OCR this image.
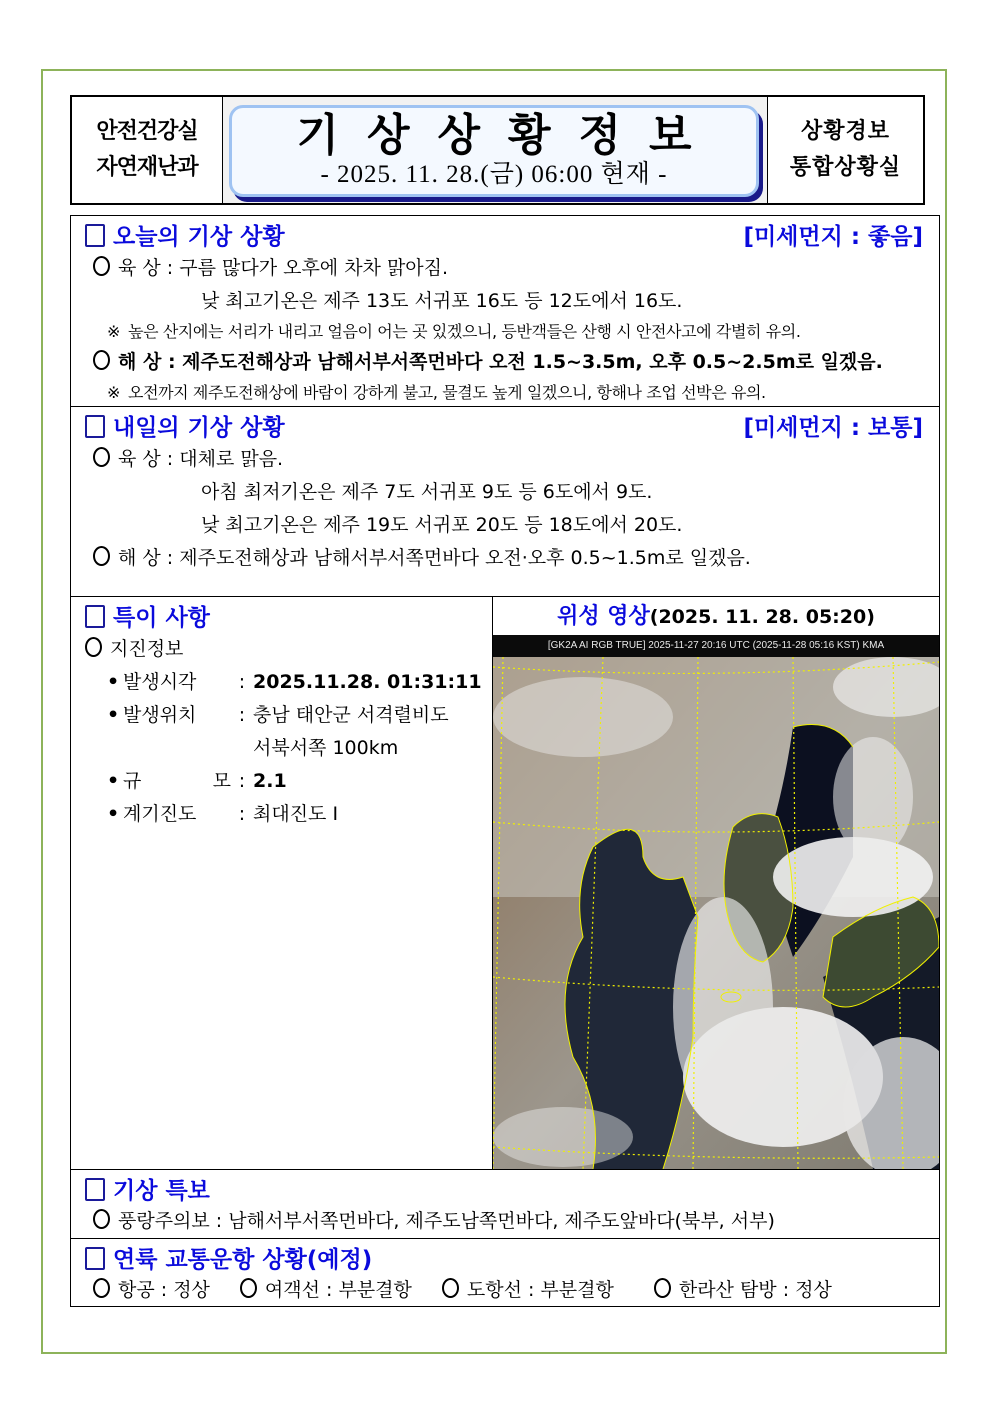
안전건강실
자연재난과
기상상황정보
- 2025. 11. 28.(금) 06:00 현재 -
상황경보
통합상황실
오늘의 기상 상황	[미세먼지 : 좋음]
육 상 : 구름 많다가 오후에 차차 맑아짐.
낮 최고기온은 제주 13도 서귀포 16도 등 12도에서 16도.
※ 높은 산지에는 서리가 내리고 얼음이 어는 곳 있겠으니, 등반객들은 산행 시 안전사고에 각별히 유의.
해 상 : 제주도전해상과 남해서부서쪽먼바다 오전 1.5~3.5m, 오후 0.5~2.5m로 일겠음.
※ 오전까지 제주도전해상에 바람이 강하게 불고, 물결도 높게 일겠으니, 항해나 조업 선박은 유의.
내일의 기상 상황	[미세먼지 : 보통]
육 상 : 대체로 맑음.
아침 최저기온은 제주 7도 서귀포 9도 등 6도에서 9도.
낮 최고기온은 제주 19도 서귀포 20도 등 18도에서 20도.
해 상 : 제주도전해상과 남해서부서쪽먼바다 오전·오후 0.5~1.5m로 일겠음.
특이 사항
지진정보
• 발생시각	: 2025.11.28. 01:31:11
• 발생위치	: 충남 태안군 서격렬비도
서북서쪽 100km
• 규	모 : 2.1
• 계기진도	: 최대진도 Ⅰ
위성 영상(2025. 11. 28. 05:20)
[GK2A AI RGB TRUE] 2025-11-27 20:16 UTC (2025-11-28 05:16 KST) KMA
기상 특보
풍랑주의보 : 남해서부서쪽먼바다, 제주도남쪽먼바다, 제주도앞바다(북부, 서부)
연륙 교통운항 상황(예정)
항공 : 정상	여객선 : 부분결항	도항선 : 부분결항	한라산 탐방 : 정상
